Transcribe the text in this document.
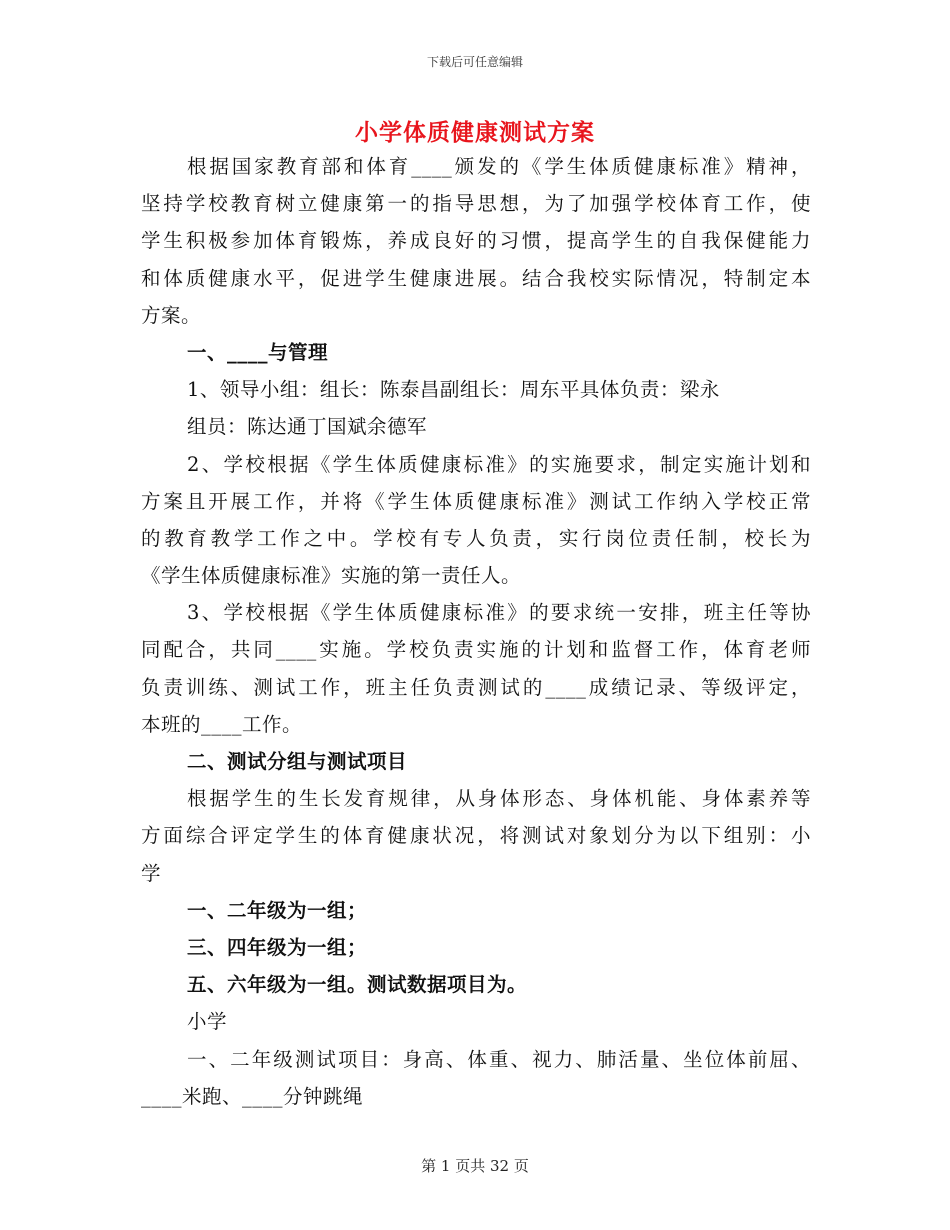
下载后可任意编辑
小学体质健康测试方案
根据国家教育部和体育____颁发的《学生体质健康标准》精神，
坚持学校教育树立健康第一的指导思想，为了加强学校体育工作，使
学生积极参加体育锻炼，养成良好的习惯，提高学生的自我保健能力
和体质健康水平，促进学生健康进展。结合我校实际情况，特制定本
方案。
一、____与管理
1、领导小组：组长：陈泰昌副组长：周东平具体负责：梁永
组员：陈达通丁国斌余德军
2、学校根据《学生体质健康标准》的实施要求，制定实施计划和
方案且开展工作，并将《学生体质健康标准》测试工作纳入学校正常
的教育教学工作之中。学校有专人负责，实行岗位责任制，校长为
《学生体质健康标准》实施的第一责任人。
3、学校根据《学生体质健康标准》的要求统一安排，班主任等协
同配合，共同____实施。学校负责实施的计划和监督工作，体育老师
负责训练、测试工作，班主任负责测试的____成绩记录、等级评定，
本班的____工作。
二、测试分组与测试项目
根据学生的生长发育规律，从身体形态、身体机能、身体素养等
方面综合评定学生的体育健康状况，将测试对象划分为以下组别：小
学
一、二年级为一组；
三、四年级为一组；
五、六年级为一组。测试数据项目为。
小学
一、二年级测试项目：身高、体重、视力、肺活量、坐位体前屈、
____米跑、____分钟跳绳
第 1 页共 32 页
